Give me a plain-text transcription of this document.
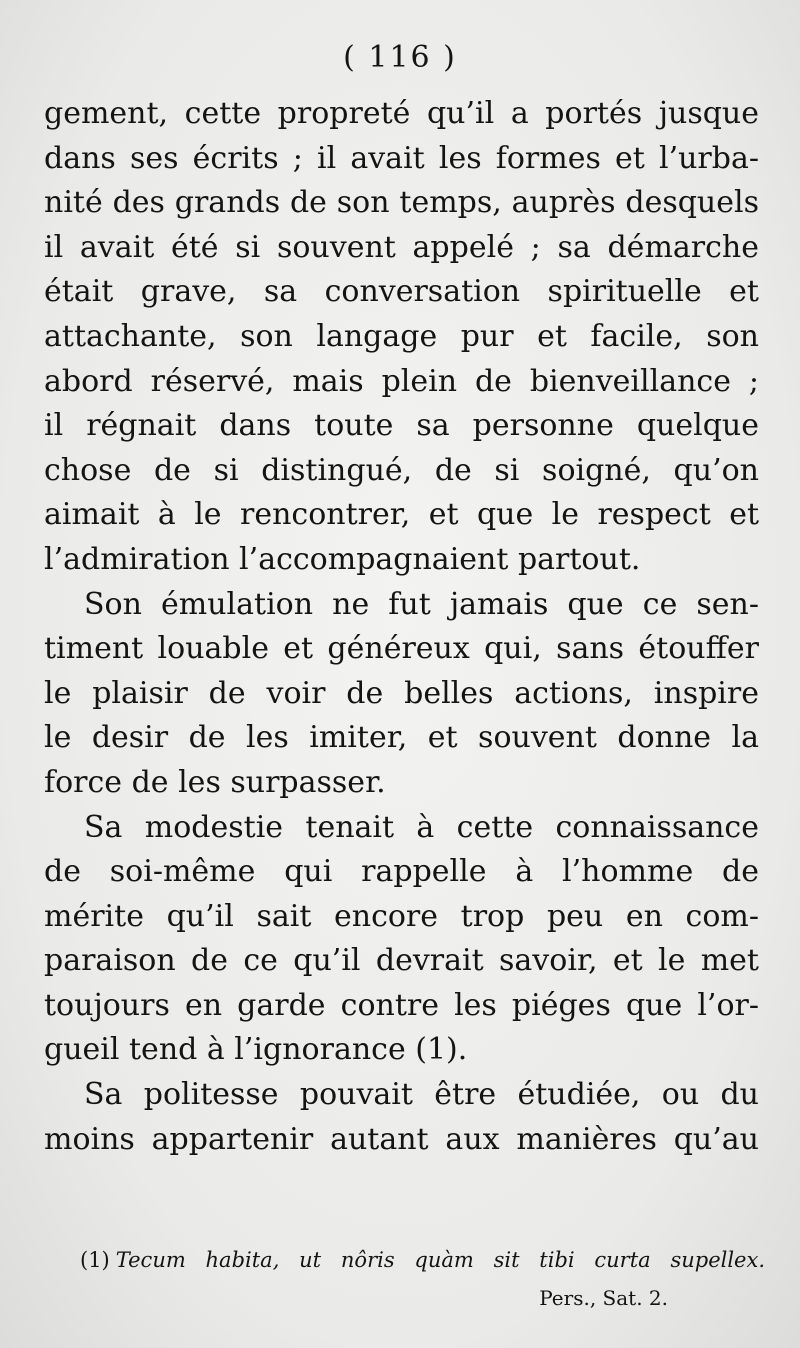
( 116 )
gement, cette propreté qu’il a portés jusque
dans ses écrits ; il avait les formes et l’urba-
nité des grands de son temps, auprès desquels
il avait été si souvent appelé ; sa démarche
était grave, sa conversation spirituelle et
attachante, son langage pur et facile, son
abord réservé, mais plein de bienveillance ;
il régnait dans toute sa personne quelque
chose de si distingué, de si soigné, qu’on
aimait à le rencontrer, et que le respect et
l’admiration l’accompagnaient partout.
Son émulation ne fut jamais que ce sen-
timent louable et généreux qui, sans étouffer
le plaisir de voir de belles actions, inspire
le desir de les imiter, et souvent donne la
force de les surpasser.
Sa modestie tenait à cette connaissance
de soi-même qui rappelle à l’homme de
mérite qu’il sait encore trop peu en com-
paraison de ce qu’il devrait savoir, et le met
toujours en garde contre les piéges que l’or-
gueil tend à l’ignorance (1).
Sa politesse pouvait être étudiée, ou du
moins appartenir autant aux manières qu’au
(1) Tecum habita, ut nôris quàm sit tibi curta supellex.
Pers., Sat. 2.
